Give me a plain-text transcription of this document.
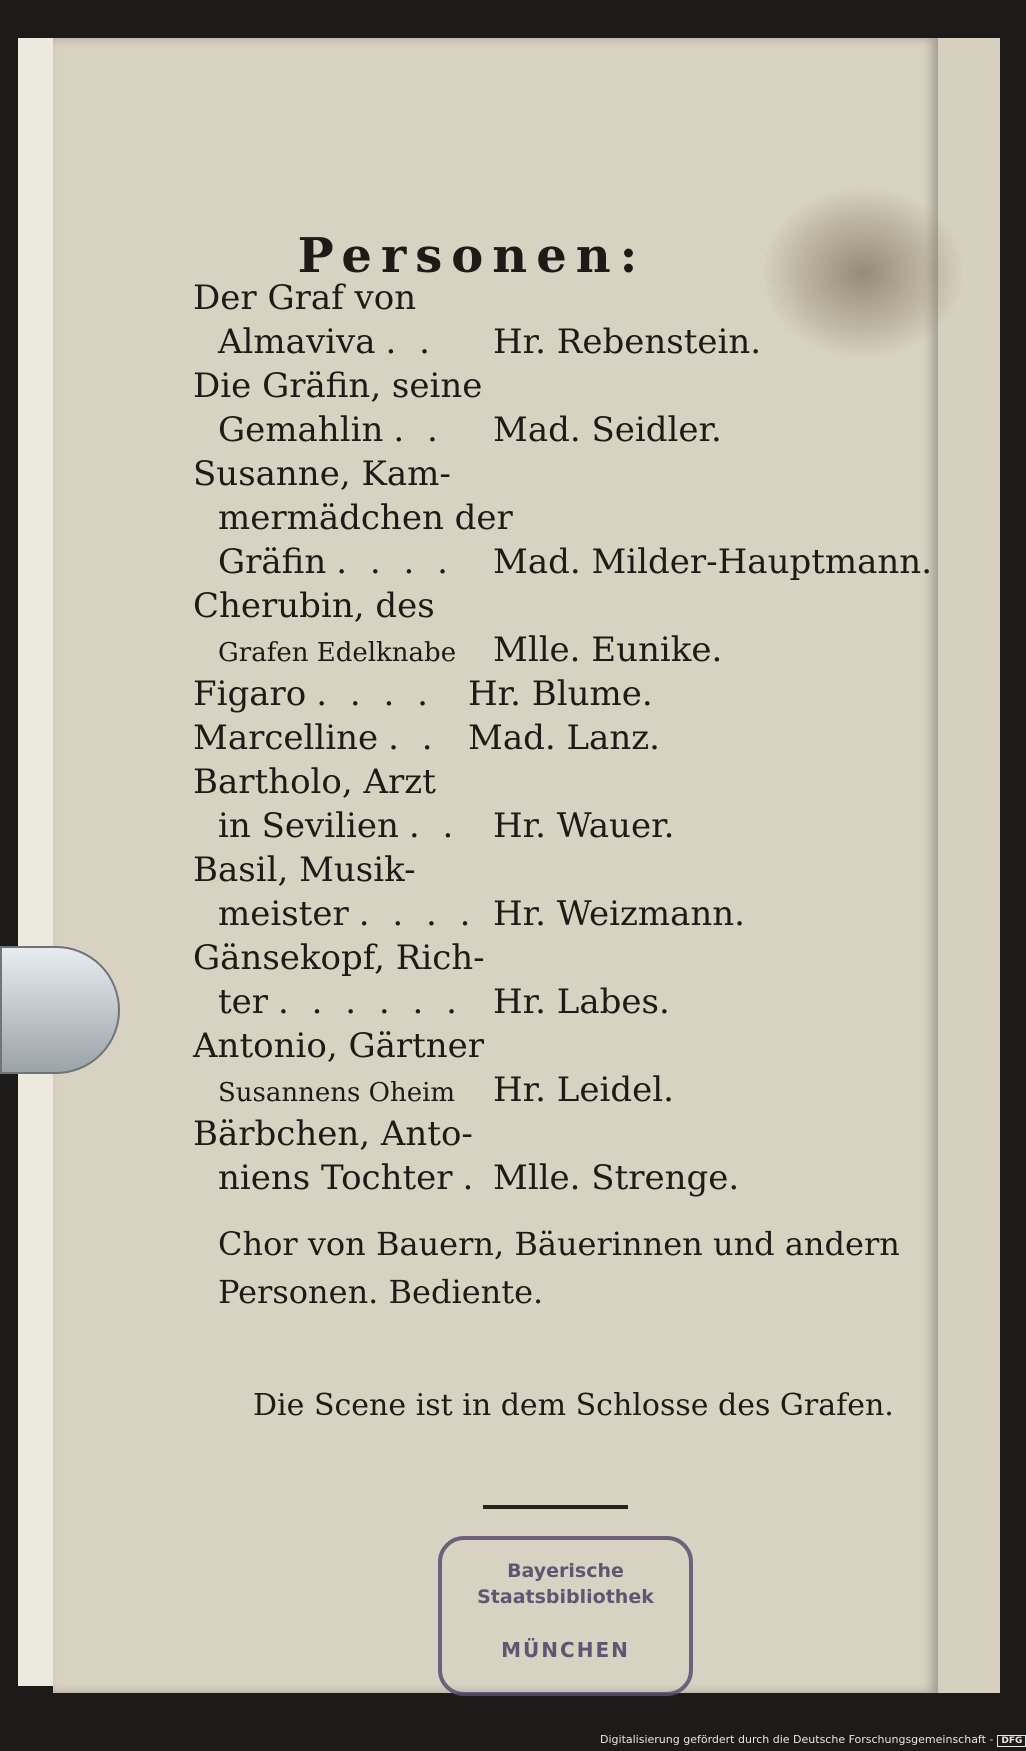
Personen:
Der Graf von
Almaviva . . Hr. Rebenstein.
Die Gräfin, seine
Gemahlin . . Mad. Seidler.
Susanne, Kam-
mermädchen der
Gräfin . . . . Mad. Milder-Hauptmann.
Cherubin, des
Grafen Edelknabe Mlle. Eunike.
Figaro . . . . Hr. Blume.
Marcelline . . Mad. Lanz.
Bartholo, Arzt
in Sevilien . . Hr. Wauer.
Basil, Musik-
meister . . . . Hr. Weizmann.
Gänsekopf, Rich-
ter . . . . . . Hr. Labes.
Antonio, Gärtner
Susannens Oheim Hr. Leidel.
Bärbchen, Anto-
niens Tochter . Mlle. Strenge.
Chor von Bauern, Bäuerinnen und andern Personen. Bediente.
Die Scene ist in dem Schlosse des Grafen.
Bayerische
Staatsbibliothek
MÜNCHEN
Digitalisierung gefördert durch die Deutsche Forschungsgemeinschaft - DFG
